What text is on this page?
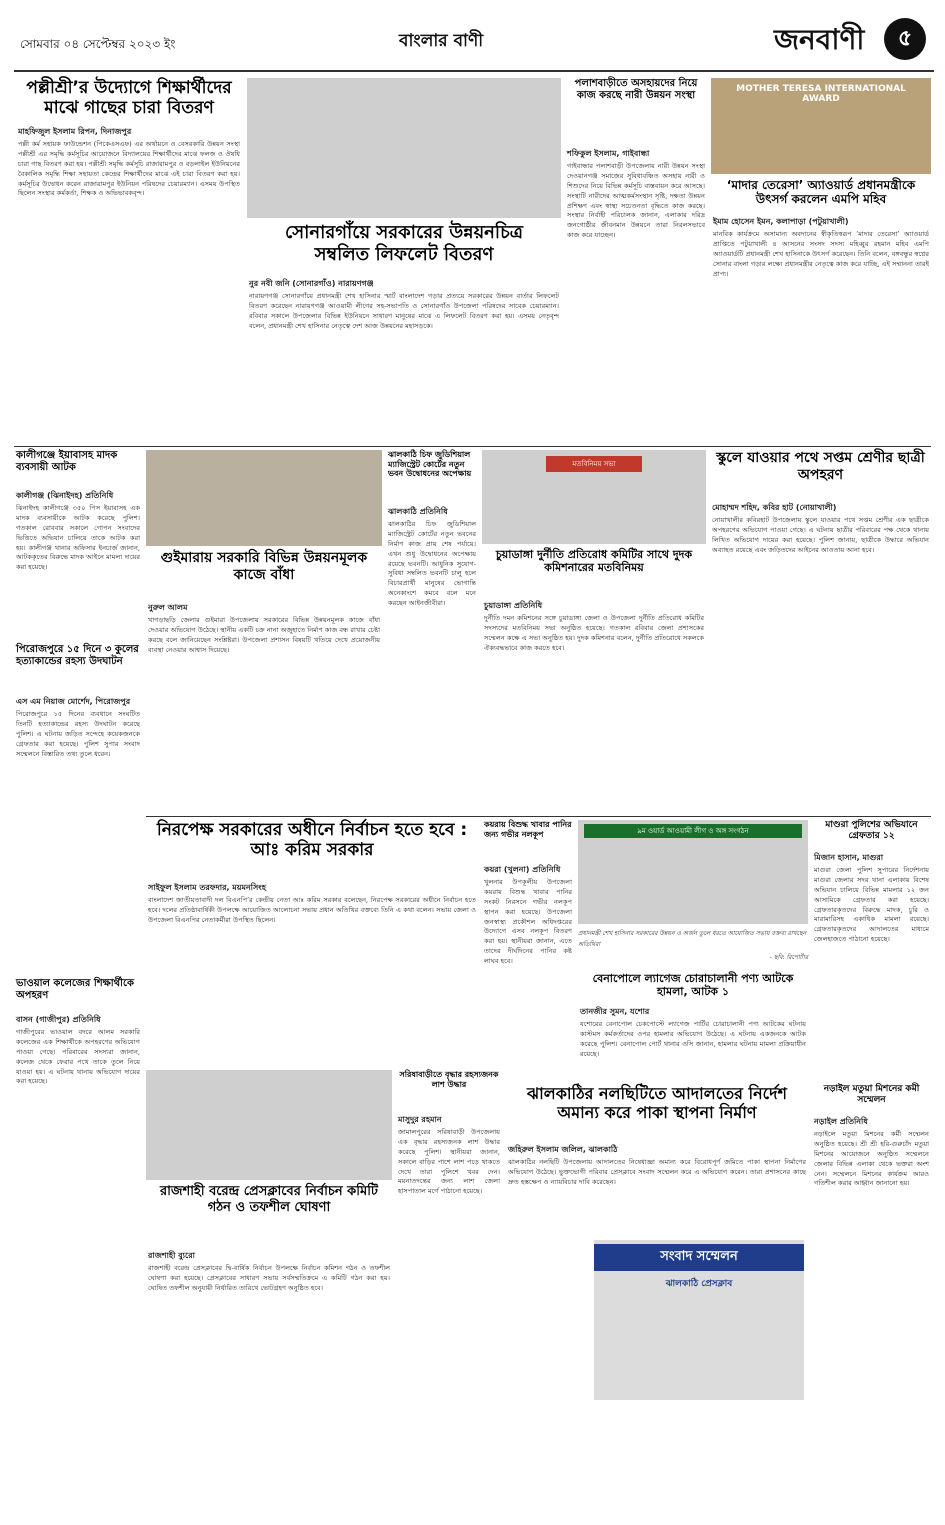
সোমবার ০৪ সেপ্টেম্বর ২০২৩ ইং	বাংলার বাণী	জনবাণী	৫
পল্লীশ্রী’র উদ্যোগে শিক্ষার্থীদের মাঝে গাছের চারা বিতরণ
মাহফিজুল ইসলাম রিপন, দিনাজপুর
পল্লী কর্ম সহায়ক ফাউন্ডেশন (পিকেএসএফ) এর অর্থায়নে ও বেসরকারি উন্নয়ন সংস্থা পল্লীশ্রী এর সমৃদ্ধি কর্মসূচির আয়োজনে বিদ্যালয়ের শিক্ষার্থীদের মাঝে ফলজ ও ঔষধি চারা গাছ বিতরণ করা হয়। পল্লীশ্রী সমৃদ্ধি কর্মসূচি রাজারামপুর ও বড়লাইল ইউনিয়নের বৈকালিক সমৃদ্ধি শিক্ষা সহায়তা কেন্দ্রের শিক্ষার্থীদের মাঝে এই চারা বিতরণ করা হয়। কর্মসূচির উদ্বোধন করেন রাজারামপুর ইউনিয়ন পরিষদের চেয়ারম্যান। এসময় উপস্থিত ছিলেন সংস্থার কর্মকর্তা, শিক্ষক ও অভিভাবকবৃন্দ।
সোনারগাঁয়ে সরকারের উন্নয়নচিত্র সম্বলিত লিফলেট বিতরণ
নুর নবী জনি (সোনারগাঁও) নারায়ণগঞ্জ
নারায়ণগঞ্জ সোনারগাঁয়ে প্রধানমন্ত্রী শেখ হাসিনার স্মার্ট বাংলাদেশ গড়ার প্রত্যয়ে সরকারের উন্নয়ন বার্তার লিফলেট বিতরণ করেছেন নারায়ণগঞ্জ আওয়ামী লীগের সহ-সভাপতি ও সোনারগাঁও উপজেলা পরিষদের সাবেক চেয়ারম্যান। রবিবার সকালে উপজেলার বিভিন্ন ইউনিয়নে সাধারণ মানুষের মাঝে এ লিফলেট বিতরণ করা হয়। এসময় নেতৃবৃন্দ বলেন, প্রধানমন্ত্রী শেখ হাসিনার নেতৃত্বে দেশ আজ উন্নয়নের মহাসড়কে।
পলাশবাড়ীতে অসহায়দের নিয়ে কাজ করছে নারী উন্নয়ন সংস্থা
শফিকুল ইসলাম, গাইবান্ধা
গাইবান্ধার পলাশবাড়ী উপজেলায় নারী উন্নয়ন সংস্থা দেওয়ানগঞ্জ সমাজের সুবিধাবঞ্চিত অসহায় নারী ও শিশুদের নিয়ে বিভিন্ন কর্মসূচি বাস্তবায়ন করে আসছে। সংস্থাটি নারীদের আত্মকর্মসংস্থান সৃষ্টি, দক্ষতা উন্নয়ন প্রশিক্ষণ এবং স্বাস্থ্য সচেতনতা বৃদ্ধিতে কাজ করছে। সংস্থার নির্বাহী পরিচালক জানান, এলাকার দরিদ্র জনগোষ্ঠীর জীবনমান উন্নয়নে তারা নিরলসভাবে কাজ করে যাচ্ছেন।
MOTHER TERESA INTERNATIONAL AWARD
‘মাদার তেরেসা’ অ্যাওয়ার্ড প্রধানমন্ত্রীকে উৎসর্গ করলেন এমপি মহিব
ইমাম হোসেন ইমন, কলাপাড়া (পটুয়াখালী)
মানবিক কার্যক্রমে অসামান্য অবদানের স্বীকৃতিস্বরূপ ‘মাদার তেরেসা’ অ্যাওয়ার্ড প্রাপ্তিতে পটুয়াখালী ৪ আসনের সংসদ সদস্য মহিব্বুর রহমান মহিব এমপি অ্যাওয়ার্ডটি প্রধানমন্ত্রী শেখ হাসিনাকে উৎসর্গ করেছেন। তিনি বলেন, বঙ্গবন্ধুর স্বপ্নের সোনার বাংলা গড়ার লক্ষ্যে প্রধানমন্ত্রীর নেতৃত্বে কাজ করে যাচ্ছি, এই সম্মাননা তারই প্রাপ্য।
কালীগঞ্জে ইয়াবাসহ মাদক ব্যবসায়ী আটক
কালীগঞ্জ (ঝিনাইদহ) প্রতিনিধি
ঝিনাইদহ কালীগঞ্জে ৩৫০ পিস ইয়াবাসহ এক মাদক ব্যবসায়ীকে আটক করেছে পুলিশ। গতকাল রোববার সকালে গোপন সংবাদের ভিত্তিতে অভিযান চালিয়ে তাকে আটক করা হয়। কালীগঞ্জ থানার অফিসার ইনচার্জ জানান, আটককৃতের বিরুদ্ধে মাদক আইনে মামলা দায়ের করা হয়েছে।
ঝালকাঠি চিফ জুডিশিয়াল ম্যাজিস্ট্রেট কোর্টের নতুন ভবন উদ্বোধনের অপেক্ষায়
ঝালকাঠি প্রতিনিধি
ঝালকাঠির চিফ জুডিশিয়াল ম্যাজিস্ট্রেট কোর্টের নতুন ভবনের নির্মাণ কাজ প্রায় শেষ পর্যায়ে। এখন শুধু উদ্বোধনের অপেক্ষায় রয়েছে ভবনটি। আধুনিক সুযোগ-সুবিধা সম্বলিত ভবনটি চালু হলে বিচারপ্রার্থী মানুষের ভোগান্তি অনেকাংশে কমবে বলে মনে করছেন আইনজীবীরা।
গুইমারায় সরকারি বিভিন্ন উন্নয়নমূলক কাজে বাঁধা
নুরুল আলম
খাগড়াছড়ি জেলার গুইমারা উপজেলায় সরকারের বিভিন্ন উন্নয়নমূলক কাজে বাঁধা দেওয়ার অভিযোগ উঠেছে। স্থানীয় একটি চক্র নানা অজুহাতে নির্মাণ কাজ বন্ধ রাখার চেষ্টা করছে বলে জানিয়েছেন সংশ্লিষ্টরা। উপজেলা প্রশাসন বিষয়টি খতিয়ে দেখে প্রয়োজনীয় ব্যবস্থা নেওয়ার আশ্বাস দিয়েছে।
মতবিনিময় সভা
চুয়াডাঙ্গা দুর্নীতি প্রতিরোধ কমিটির সাথে দুদক কমিশনারের মতবিনিময়
চুয়াডাঙ্গা প্রতিনিধি
দুর্নীতি দমন কমিশনের সঙ্গে চুয়াডাঙ্গা জেলা ও উপজেলা দুর্নীতি প্রতিরোধ কমিটির সদস্যদের মতবিনিময় সভা অনুষ্ঠিত হয়েছে। গতকাল রবিবার জেলা প্রশাসকের সম্মেলন কক্ষে এ সভা অনুষ্ঠিত হয়। দুদক কমিশনার বলেন, দুর্নীতি প্রতিরোধে সকলকে ঐক্যবদ্ধভাবে কাজ করতে হবে।
স্কুলে যাওয়ার পথে সপ্তম শ্রেণীর ছাত্রী অপহরণ
মোহাম্মদ শহিদ, কবির হাট (নোয়াখালী)
নোয়াখালীর কবিরহাট উপজেলায় স্কুলে যাওয়ার পথে সপ্তম শ্রেণীর এক ছাত্রীকে অপহরণের অভিযোগ পাওয়া গেছে। এ ঘটনায় ছাত্রীর পরিবারের পক্ষ থেকে থানায় লিখিত অভিযোগ দায়ের করা হয়েছে। পুলিশ জানায়, ছাত্রীকে উদ্ধারে অভিযান অব্যাহত রয়েছে এবং জড়িতদের আইনের আওতায় আনা হবে।
পিরোজপুরে ১৫ দিনে ৩ কুলের হত্যাকান্ডের রহস্য উদঘাটন
এস এম নিয়াজ মোর্শেদ, পিরোজপুর
পিরোজপুরে ১৫ দিনের ব্যবধানে সংঘটিত তিনটি হত্যাকান্ডের রহস্য উদঘাটন করেছে পুলিশ। এ ঘটনায় জড়িত সন্দেহে কয়েকজনকে গ্রেফতার করা হয়েছে। পুলিশ সুপার সংবাদ সম্মেলনে বিস্তারিত তথ্য তুলে ধরেন।
নিরপেক্ষ সরকারের অধীনে নির্বাচন হতে হবে : আঃ করিম সরকার
সাইফুল ইসলাম তরফদার, ময়মনসিংহ
বাংলাদেশ জাতীয়তাবাদী দল বিএনপি’র কেন্দ্রীয় নেতা আঃ করিম সরকার বলেছেন, নিরপেক্ষ সরকারের অধীনে নির্বাচন হতে হবে। দলের প্রতিষ্ঠাবার্ষিকী উপলক্ষে আয়োজিত আলোচনা সভায় প্রধান অতিথির বক্তব্যে তিনি এ কথা বলেন। সভায় জেলা ও উপজেলা বিএনপির নেতাকর্মীরা উপস্থিত ছিলেন।
কয়রায় বিশুদ্ধ খাবার পানির জন্য গভীর নলকূপ
কয়রা (খুলনা) প্রতিনিধি
খুলনার উপকূলীয় উপজেলা কয়রায় বিশুদ্ধ খাবার পানির সংকট নিরসনে গভীর নলকূপ স্থাপন করা হয়েছে। উপজেলা জনস্বাস্থ্য প্রকৌশল অধিদপ্তরের উদ্যোগে এসব নলকূপ বিতরণ করা হয়। স্থানীয়রা জানান, এতে তাদের দীর্ঘদিনের পানির কষ্ট লাঘব হবে।
৯ম ওয়ার্ড আওয়ামী লীগ ও অঙ্গ সংগঠন
প্রধানমন্ত্রী শেখ হাসিনার সরকারের উন্নয়ন ও অর্জন তুলে ধরতে আয়োজিত সভায় বক্তব্য রাখছেন অতিথিরা
- ছবি: রিপোর্টার
মাণ্ডরা পুলিশের অভিযানে গ্রেফতার ১২
মিজান হাসান, মাগুরা
মাগুরা জেলা পুলিশ সুপারের নির্দেশনায় মাগুরা জেলার সদর থানা এলাকায় বিশেষ অভিযান চালিয়ে বিভিন্ন মামলার ১২ জন আসামিকে গ্রেফতার করা হয়েছে। গ্রেফতারকৃতদের বিরুদ্ধে মাদক, চুরি ও মারামারিসহ একাধিক মামলা রয়েছে। গ্রেফতারকৃতদের আদালতের মাধ্যমে জেলহাজতে পাঠানো হয়েছে।
বেনাপোলে ল্যাগেজ চোরাচালানী পণ্য আটকে হামলা, আটক ১
তানজীর সুমন, যশোর
যশোরের বেনাপোল চেকপোস্টে ল্যাগেজ পার্টির চোরাচালানী পণ্য আটকের ঘটনায় কাস্টমস কর্মকর্তাদের ওপর হামলার অভিযোগ উঠেছে। এ ঘটনায় একজনকে আটক করেছে পুলিশ। বেনাপোল পোর্ট থানার ওসি জানান, হামলার ঘটনায় মামলা প্রক্রিয়াধীন রয়েছে।
ভাওয়াল কলেজের শিক্ষার্থীকে অপহরণ
বাসন (গাজীপুর) প্রতিনিধি
গাজীপুরের ভাওয়াল বদরে আলম সরকারি কলেজের এক শিক্ষার্থীকে অপহরণের অভিযোগ পাওয়া গেছে। পরিবারের সদস্যরা জানান, কলেজ থেকে ফেরার পথে তাকে তুলে নিয়ে যাওয়া হয়। এ ঘটনায় থানায় অভিযোগ দায়ের করা হয়েছে।
সরিষাবাড়ীতে বৃদ্ধার রহস্যজনক লাশ উদ্ধার
মাসুদুর রহমান
জামালপুরের সরিষাবাড়ী উপজেলায় এক বৃদ্ধার রহস্যজনক লাশ উদ্ধার করেছে পুলিশ। স্থানীয়রা জানান, সকালে বাড়ির পাশে লাশ পড়ে থাকতে দেখে তারা পুলিশে খবর দেন। ময়নাতদন্তের জন্য লাশ জেলা হাসপাতাল মর্গে পাঠানো হয়েছে।
রাজশাহী বরেন্দ্র প্রেসক্লাবের নির্বাচন কমিটি গঠন ও তফশীল ঘোষণা
রাজশাহী ব্যুরো
রাজশাহী বরেন্দ্র প্রেসক্লাবের দ্বি-বার্ষিক নির্বাচন উপলক্ষে নির্বাচন কমিশন গঠন ও তফশীল ঘোষণা করা হয়েছে। প্রেসক্লাবের সাধারণ সভায় সর্বসম্মতিক্রমে এ কমিটি গঠন করা হয়। ঘোষিত তফশীল অনুযায়ী নির্ধারিত তারিখে ভোটগ্রহণ অনুষ্ঠিত হবে।
ঝালকাঠির নলছিটিতে আদালতের নির্দেশ অমান্য করে পাকা স্থাপনা নির্মাণ
জহিরুল ইসলাম জলিল, ঝালকাঠি
ঝালকাঠির নলছিটি উপজেলায় আদালতের নিষেধাজ্ঞা অমান্য করে বিরোধপূর্ণ জমিতে পাকা স্থাপনা নির্মাণের অভিযোগ উঠেছে। ভুক্তভোগী পরিবার প্রেসক্লাবে সংবাদ সম্মেলন করে এ অভিযোগ করেন। তারা প্রশাসনের কাছে দ্রুত হস্তক্ষেপ ও ন্যায়বিচার দাবি করেছেন।
সংবাদ সম্মেলন
ঝালকাঠি প্রেসক্লাব
নড়াইল মতুয়া মিশনের কমী সম্মেলন
নড়াইল প্রতিনিধি
নড়াইলে মতুয়া মিশনের কর্মী সম্মেলন অনুষ্ঠিত হয়েছে। শ্রী শ্রী হরি-গুরুচাঁদ মতুয়া মিশনের আয়োজনে অনুষ্ঠিত সম্মেলনে জেলার বিভিন্ন এলাকা থেকে ভক্তরা অংশ নেন। সম্মেলনে মিশনের কার্যক্রম আরও গতিশীল করার আহ্বান জানানো হয়।
